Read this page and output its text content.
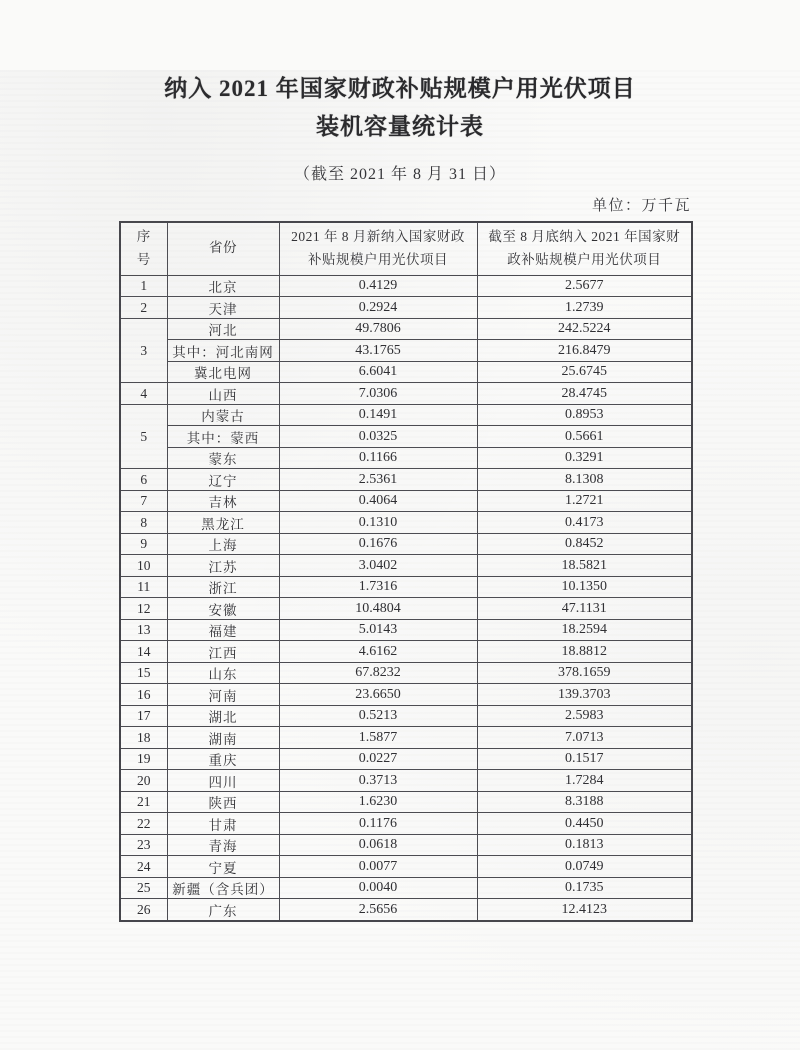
纳入 2021 年国家财政补贴规模户用光伏项目
装机容量统计表
（截至 2021 年 8 月 31 日）
单位：万千瓦
序号	省份	2021 年 8 月新纳入国家财政补贴规模户用光伏项目	截至 8 月底纳入 2021 年国家财政补贴规模户用光伏项目
1	北京	0.4129	2.5677
2	天津	0.2924	1.2739
3	河北	49.7806	242.5224
	其中：河北南网	43.1765	216.8479
	冀北电网	6.6041	25.6745
4	山西	7.0306	28.4745
5	内蒙古	0.1491	0.8953
	其中：蒙西	0.0325	0.5661
	蒙东	0.1166	0.3291
6	辽宁	2.5361	8.1308
7	吉林	0.4064	1.2721
8	黑龙江	0.1310	0.4173
9	上海	0.1676	0.8452
10	江苏	3.0402	18.5821
11	浙江	1.7316	10.1350
12	安徽	10.4804	47.1131
13	福建	5.0143	18.2594
14	江西	4.6162	18.8812
15	山东	67.8232	378.1659
16	河南	23.6650	139.3703
17	湖北	0.5213	2.5983
18	湖南	1.5877	7.0713
19	重庆	0.0227	0.1517
20	四川	0.3713	1.7284
21	陕西	1.6230	8.3188
22	甘肃	0.1176	0.4450
23	青海	0.0618	0.1813
24	宁夏	0.0077	0.0749
25	新疆（含兵团）	0.0040	0.1735
26	广东	2.5656	12.4123
